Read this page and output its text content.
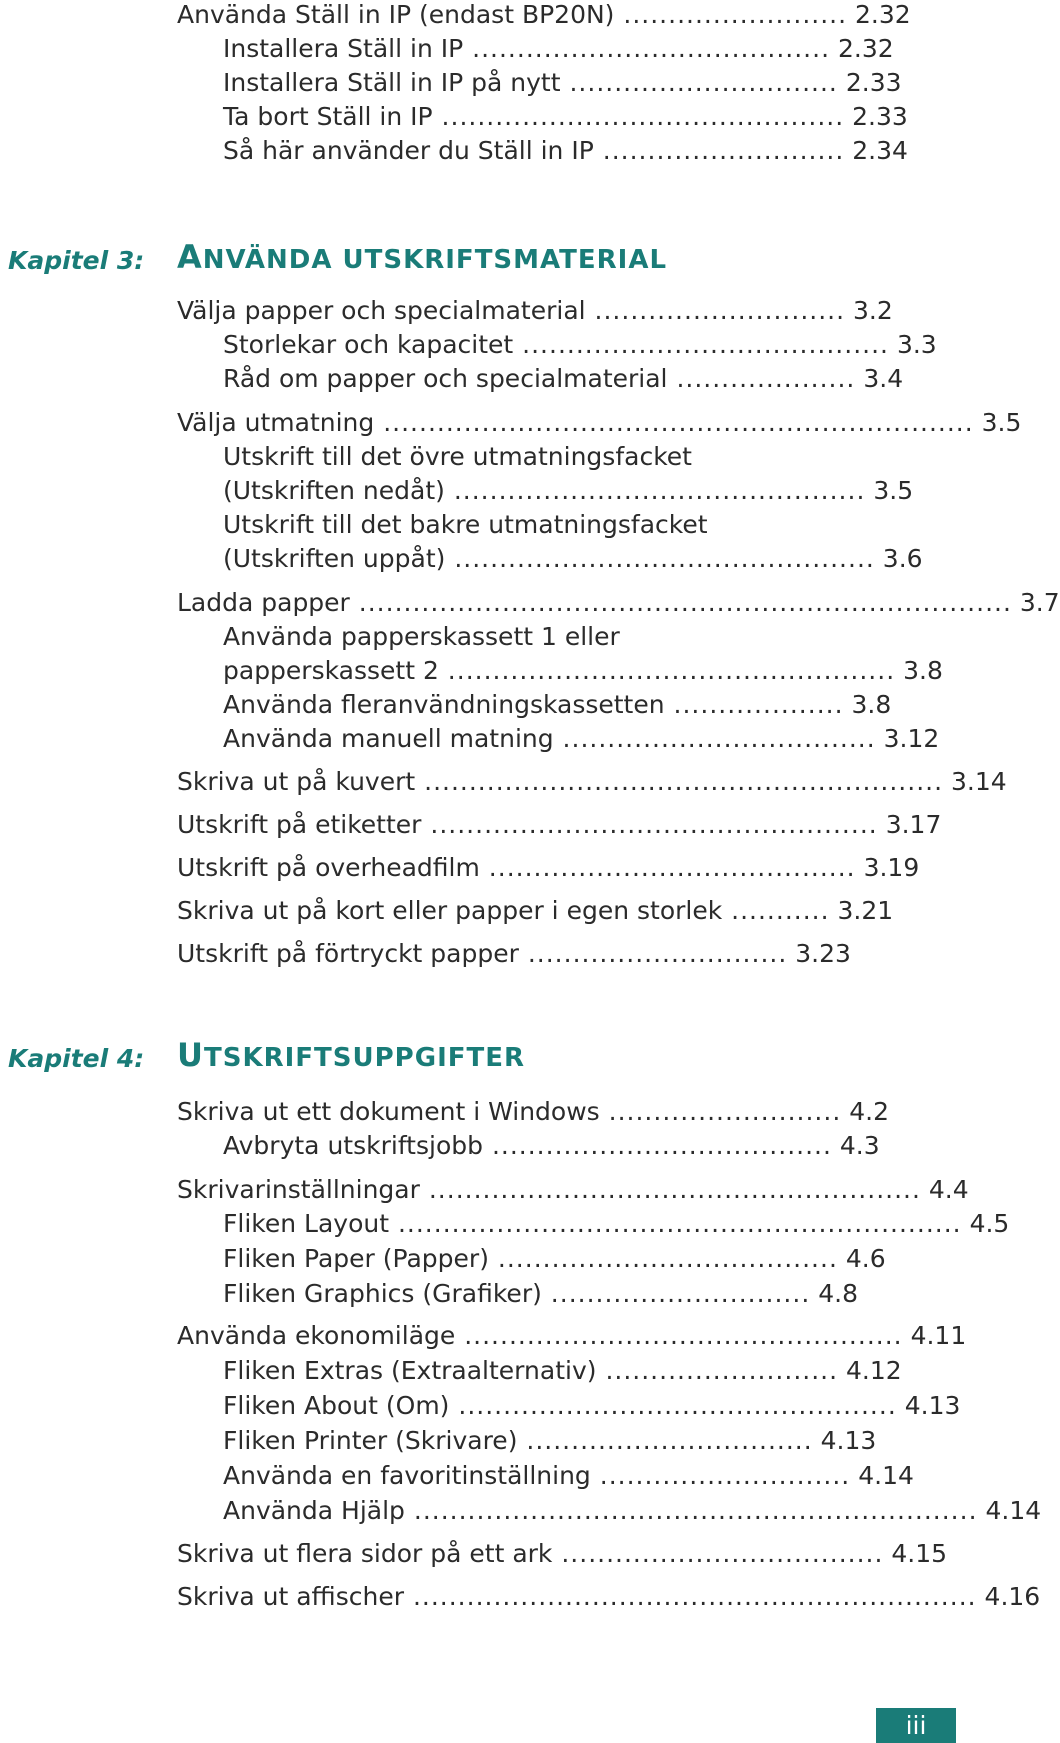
Använda Ställ in IP (endast BP20N) ......................... 2.32
Installera Ställ in IP ........................................ 2.32
Installera Ställ in IP på nytt .............................. 2.33
Ta bort Ställ in IP ............................................. 2.33
Så här använder du Ställ in IP ........................... 2.34
Kapitel 3: ANVÄNDA UTSKRIFTSMATERIAL
Välja papper och specialmaterial ............................ 3.2
Storlekar och kapacitet ......................................... 3.3
Råd om papper och specialmaterial .................... 3.4
Välja utmatning .................................................................. 3.5
Utskrift till det övre utmatningsfacket
(Utskriften nedåt) .............................................. 3.5
Utskrift till det bakre utmatningsfacket
(Utskriften uppåt) ............................................... 3.6
Ladda papper ......................................................................... 3.7
Använda papperskassett 1 eller
papperskassett 2 .................................................. 3.8
Använda fleranvändningskassetten ................... 3.8
Använda manuell matning ................................... 3.12
Skriva ut på kuvert .......................................................... 3.14
Utskrift på etiketter .................................................. 3.17
Utskrift på overheadfilm ......................................... 3.19
Skriva ut på kort eller papper i egen storlek ........... 3.21
Utskrift på förtryckt papper ............................. 3.23
Kapitel 4: UTSKRIFTSUPPGIFTER
Skriva ut ett dokument i Windows .......................... 4.2
Avbryta utskriftsjobb ...................................... 4.3
Skrivarinställningar ....................................................... 4.4
Fliken Layout ............................................................... 4.5
Fliken Paper (Papper) ...................................... 4.6
Fliken Graphics (Grafiker) ............................. 4.8
Använda ekonomiläge ................................................. 4.11
Fliken Extras (Extraalternativ) .......................... 4.12
Fliken About (Om) ................................................. 4.13
Fliken Printer (Skrivare) ................................ 4.13
Använda en favoritinställning ............................ 4.14
Använda Hjälp ............................................................... 4.14
Skriva ut flera sidor på ett ark .................................... 4.15
Skriva ut affischer ............................................................... 4.16
iii
